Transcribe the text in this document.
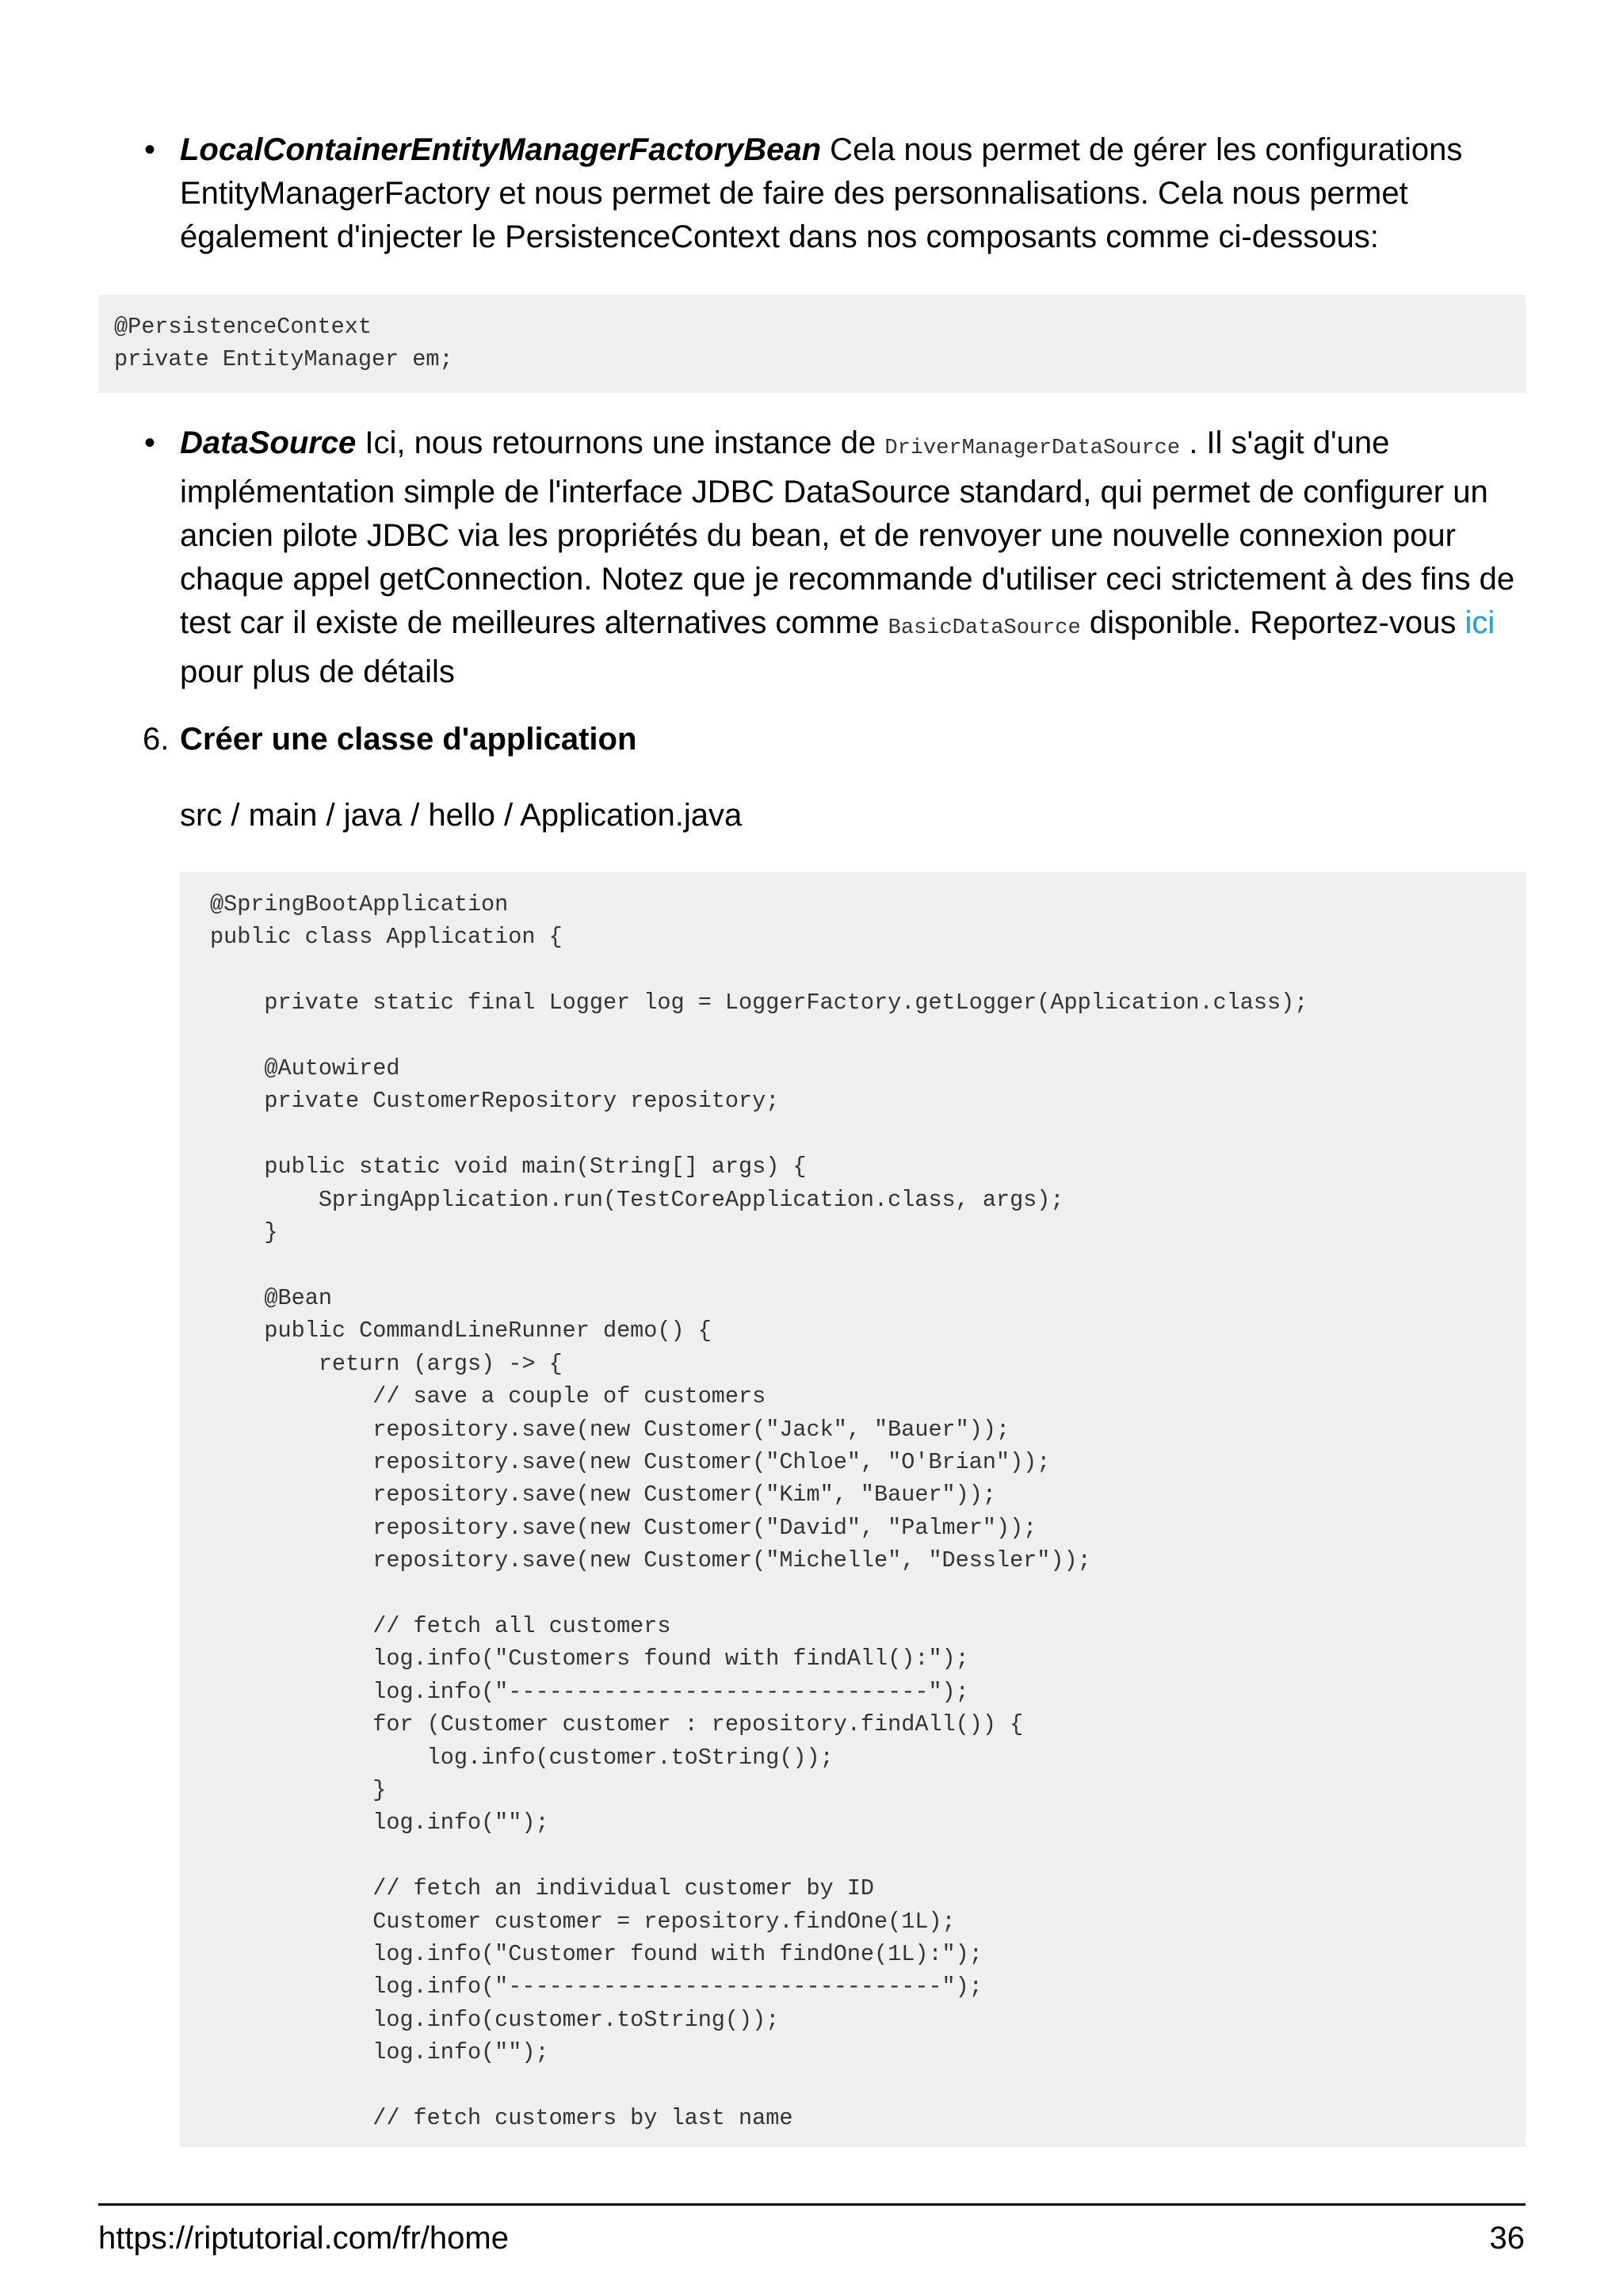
• LocalContainerEntityManagerFactoryBean Cela nous permet de gérer les configurations EntityManagerFactory et nous permet de faire des personnalisations. Cela nous permet également d'injecter le PersistenceContext dans nos composants comme ci-dessous:
@PersistenceContext
private EntityManager em;
• DataSource Ici, nous retournons une instance de DriverManagerDataSource . Il s'agit d'une implémentation simple de l'interface JDBC DataSource standard, qui permet de configurer un ancien pilote JDBC via les propriétés du bean, et de renvoyer une nouvelle connexion pour chaque appel getConnection. Notez que je recommande d'utiliser ceci strictement à des fins de test car il existe de meilleures alternatives comme BasicDataSource disponible. Reportez-vous ici pour plus de détails
6. Créer une classe d'application
src / main / java / hello / Application.java
@SpringBootApplication
public class Application {

private static final Logger log = LoggerFactory.getLogger(Application.class);

@Autowired
private CustomerRepository repository;

public static void main(String[] args) {
SpringApplication.run(TestCoreApplication.class, args);
}

@Bean
public CommandLineRunner demo() {
return (args) -> {
// save a couple of customers
repository.save(new Customer("Jack", "Bauer"));
repository.save(new Customer("Chloe", "O'Brian"));
repository.save(new Customer("Kim", "Bauer"));
repository.save(new Customer("David", "Palmer"));
repository.save(new Customer("Michelle", "Dessler"));

// fetch all customers
log.info("Customers found with findAll():");
log.info("-------------------------------");
for (Customer customer : repository.findAll()) {
log.info(customer.toString());
}
log.info("");

// fetch an individual customer by ID
Customer customer = repository.findOne(1L);
log.info("Customer found with findOne(1L):");
log.info("--------------------------------");
log.info(customer.toString());
log.info("");

// fetch customers by last name
https://riptutorial.com/fr/home	36
